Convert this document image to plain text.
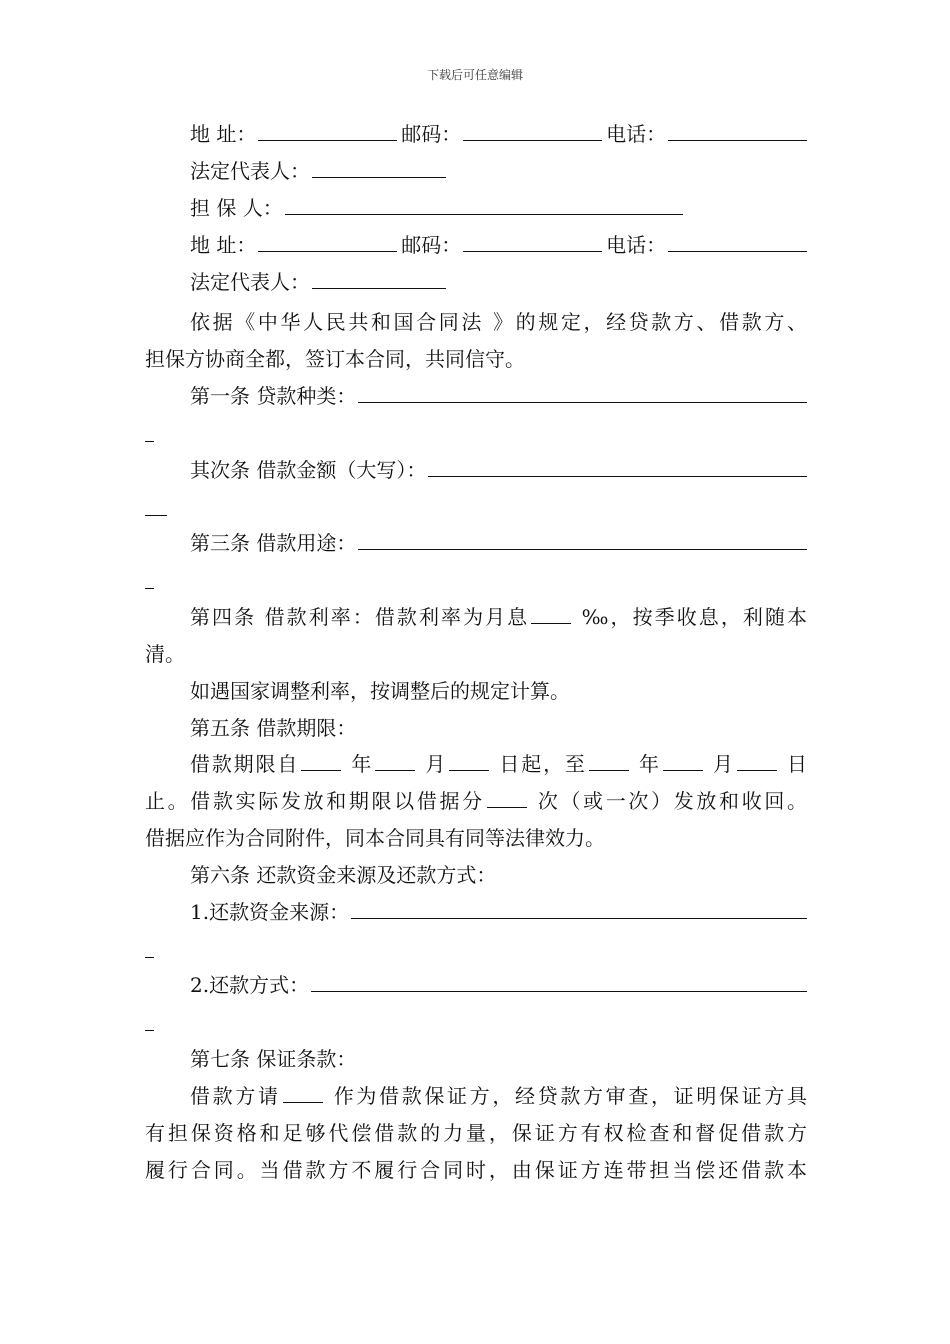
下载后可任意编辑
地 址：	邮码：	电话：
法定代表人：
担 保 人：
地 址：	邮码：	电话：
法定代表人：
依据《中华人民共和国合同法 》的规定，经贷款方、借款方、
担保方协商全都，签订本合同，共同信守。
第一条 贷款种类：
其次条 借款金额（大写）：
第三条 借款用途：
第四条 借款利率：借款利率为月息 ‰，按季收息，利随本
清。
如遇国家调整利率，按调整后的规定计算。
第五条 借款期限：
借款期限自 年 月 日起，至 年 月 日
止。借款实际发放和期限以借据分 次（或一次）发放和收回。
借据应作为合同附件，同本合同具有同等法律效力。
第六条 还款资金来源及还款方式：
1.还款资金来源：
2.还款方式：
第七条 保证条款：
借款方请 作为借款保证方，经贷款方审查，证明保证方具
有担保资格和足够代偿借款的力量，保证方有权检查和督促借款方
履行合同。当借款方不履行合同时，由保证方连带担当偿还借款本
